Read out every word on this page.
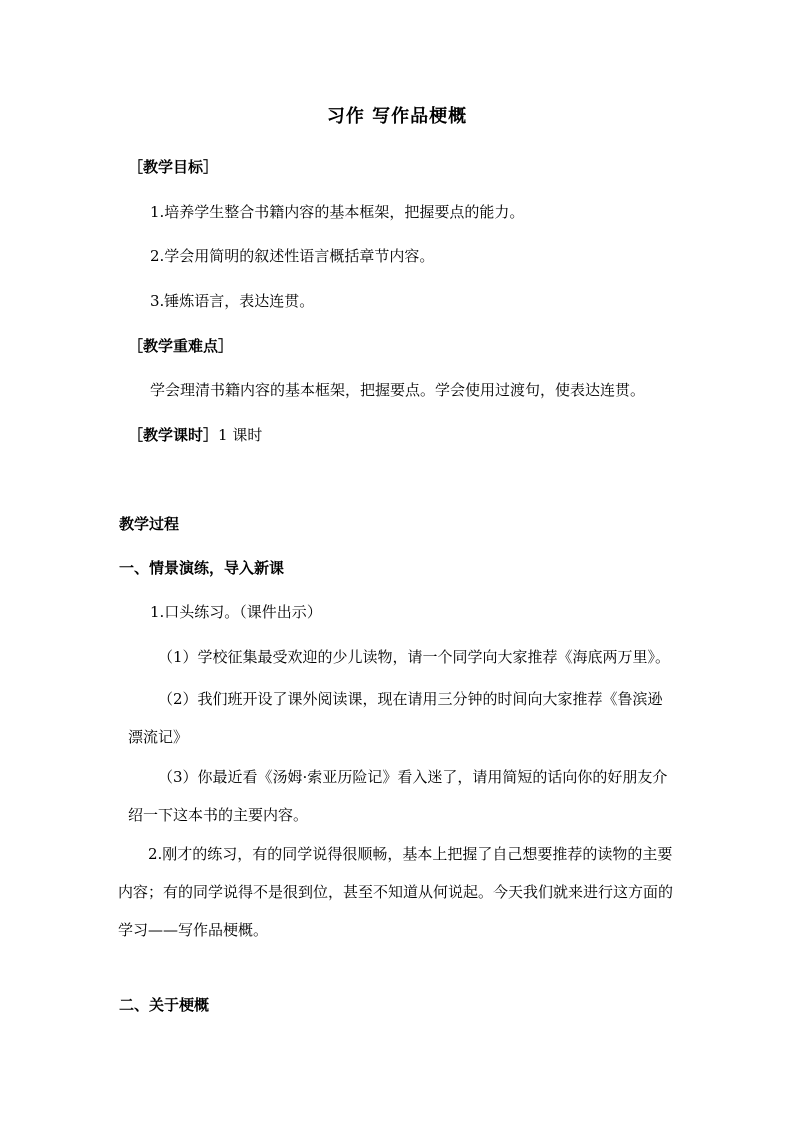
习作 写作品梗概

［教学目标］

1.培养学生整合书籍内容的基本框架，把握要点的能力。

2.学会用简明的叙述性语言概括章节内容。

3.锤炼语言，表达连贯。

［教学重难点］

学会理清书籍内容的基本框架，把握要点。学会使用过渡句，使表达连贯。

［教学课时］1 课时

教学过程

一、情景演练，导入新课

1.口头练习。（课件出示）

（1）学校征集最受欢迎的少儿读物，请一个同学向大家推荐《海底两万里》。

（2）我们班开设了课外阅读课，现在请用三分钟的时间向大家推荐《鲁滨逊漂流记》

（3）你最近看《汤姆·索亚历险记》看入迷了，请用简短的话向你的好朋友介绍一下这本书的主要内容。

2.刚才的练习，有的同学说得很顺畅，基本上把握了自己想要推荐的读物的主要内容；有的同学说得不是很到位，甚至不知道从何说起。今天我们就来进行这方面的学习——写作品梗概。

二、关于梗概
